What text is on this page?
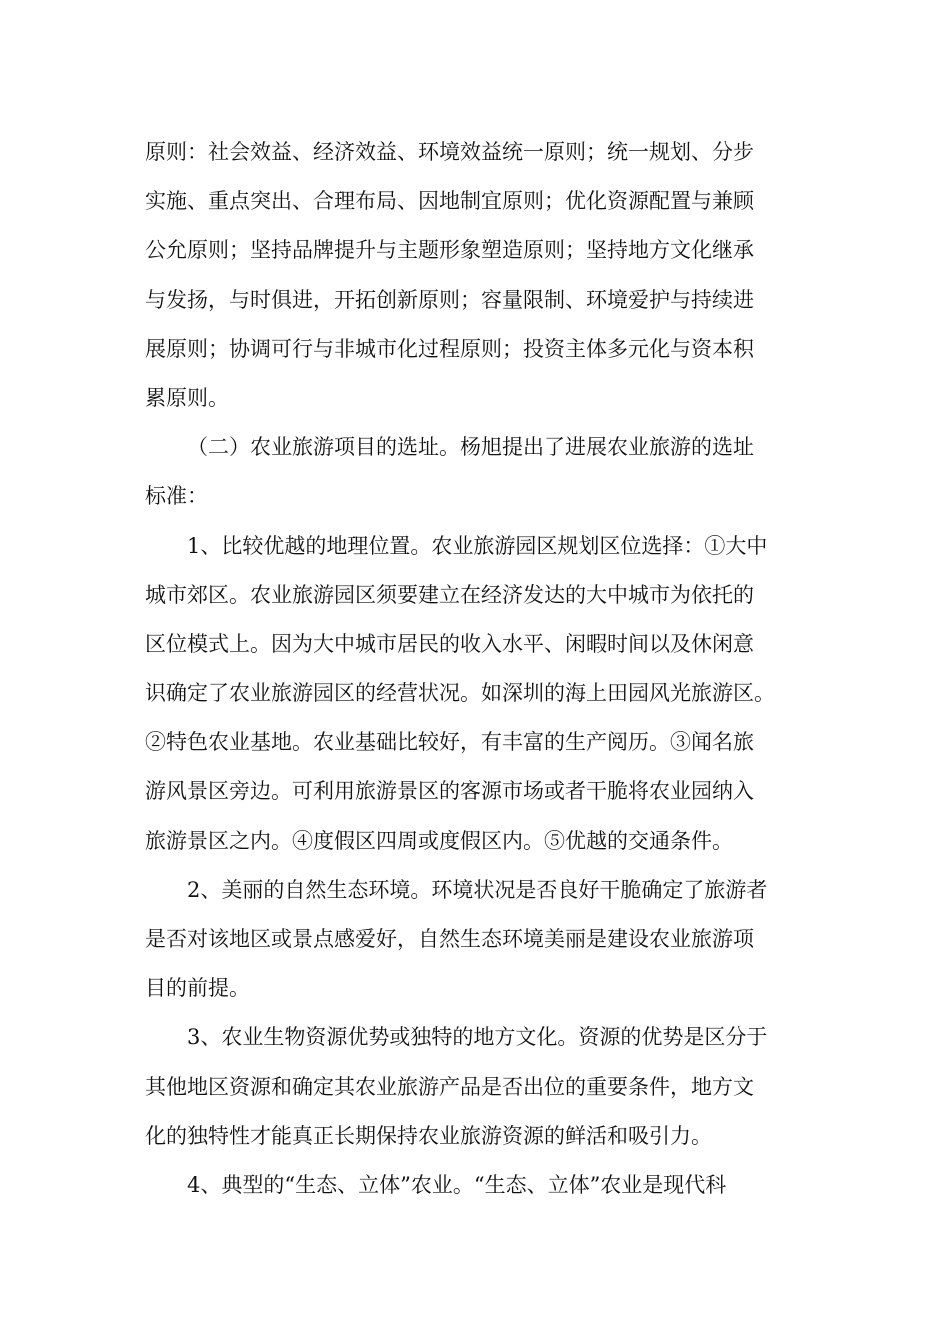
原则：社会效益、经济效益、环境效益统一原则；统一规划、分步
实施、重点突出、合理布局、因地制宜原则；优化资源配置与兼顾
公允原则；坚持品牌提升与主题形象塑造原则；坚持地方文化继承
与发扬，与时俱进，开拓创新原则；容量限制、环境爱护与持续进
展原则；协调可行与非城市化过程原则；投资主体多元化与资本积
累原则。
（二）农业旅游项目的选址。杨旭提出了进展农业旅游的选址
标准：
1、比较优越的地理位置。农业旅游园区规划区位选择：①大中
城市郊区。农业旅游园区须要建立在经济发达的大中城市为依托的
区位模式上。因为大中城市居民的收入水平、闲暇时间以及休闲意
识确定了农业旅游园区的经营状况。如深圳的海上田园风光旅游区。
②特色农业基地。农业基础比较好，有丰富的生产阅历。③闻名旅
游风景区旁边。可利用旅游景区的客源市场或者干脆将农业园纳入
旅游景区之内。④度假区四周或度假区内。⑤优越的交通条件。
2、美丽的自然生态环境。环境状况是否良好干脆确定了旅游者
是否对该地区或景点感爱好，自然生态环境美丽是建设农业旅游项
目的前提。
3、农业生物资源优势或独特的地方文化。资源的优势是区分于
其他地区资源和确定其农业旅游产品是否出位的重要条件，地方文
化的独特性才能真正长期保持农业旅游资源的鲜活和吸引力。
4、典型的“生态、立体”农业。“生态、立体”农业是现代科
